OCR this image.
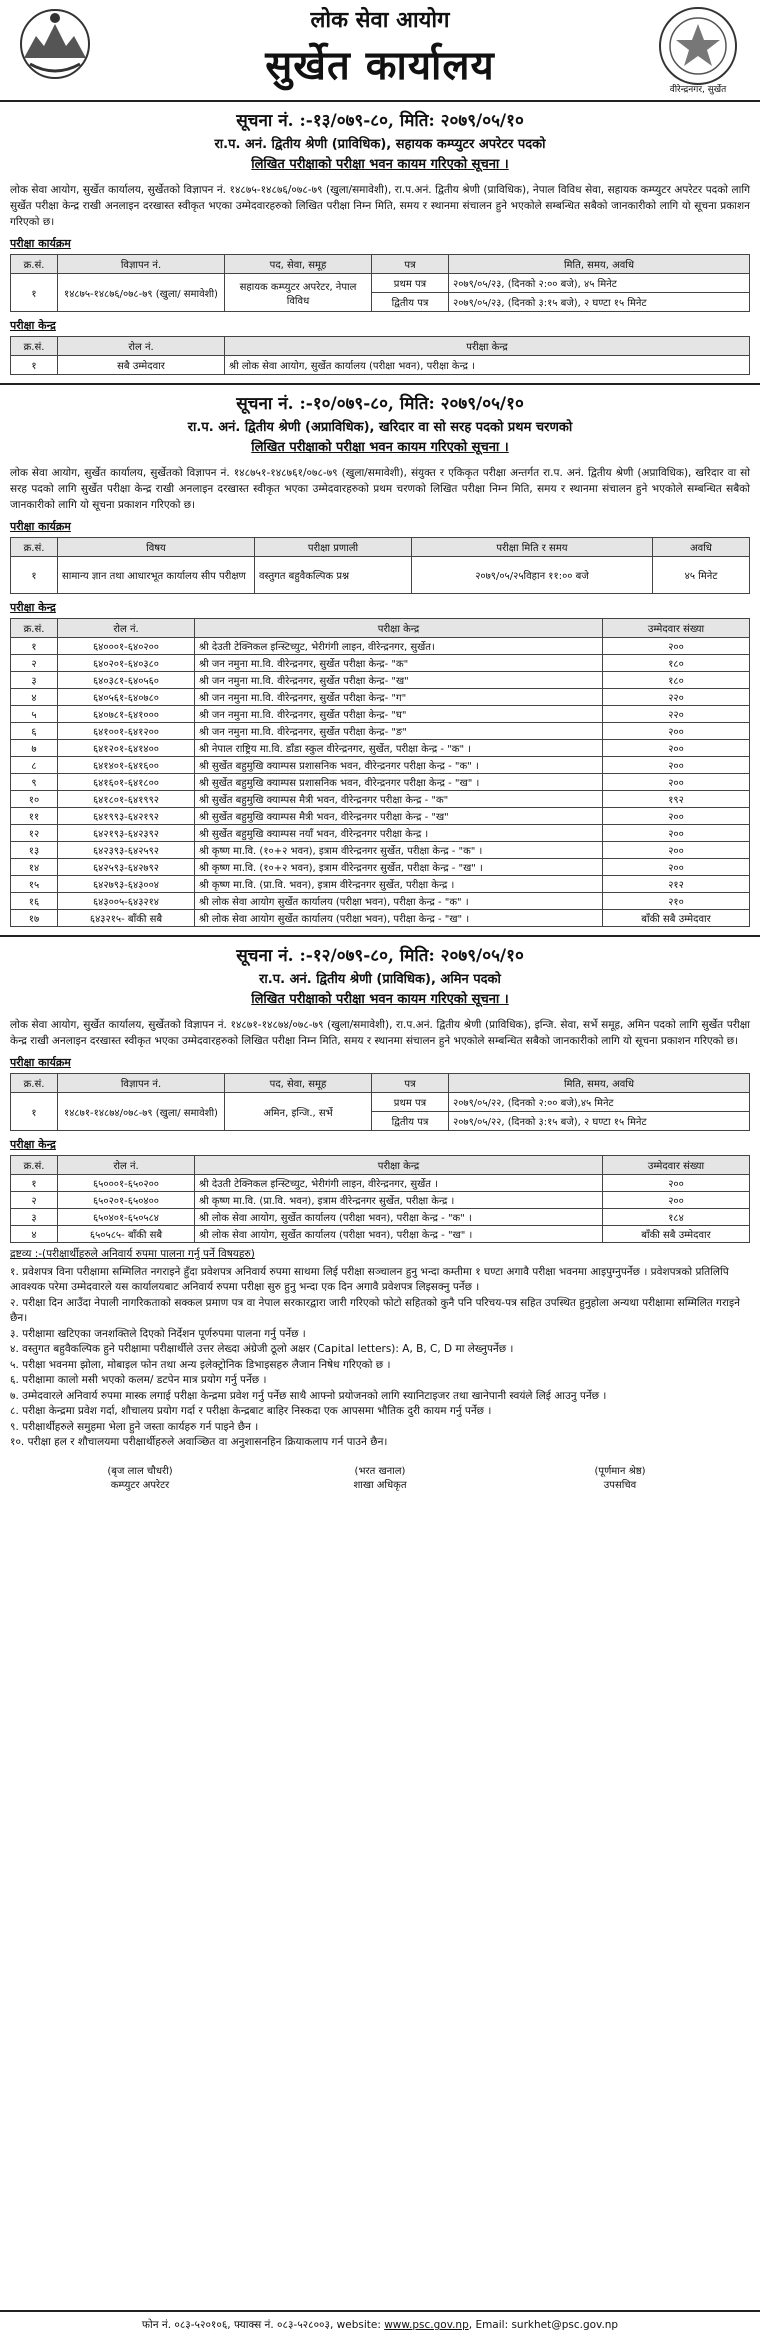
लोक सेवा आयोग
सुर्खेत कार्यालय
वीरेन्द्रनगर, सुर्खेत
सूचना नं. :-१३/०७९-८०, मिति: २०७९/०५/१०
रा.प. अनं. द्वितीय श्रेणी (प्राविधिक), सहायक कम्प्युटर अपरेटर पदको
लिखित परीक्षाको परीक्षा भवन कायम गरिएको सूचना ।
लोक सेवा आयोग, सुर्खेत कार्यालय, सुर्खेतको विज्ञापन नं. १४८७५-१४८७६/०७८-७९ (खुला/समावेशी), रा.प.अनं. द्वितीय श्रेणी (प्राविधिक), नेपाल विविध सेवा, सहायक कम्प्युटर अपरेटर पदको लागि सुर्खेत परीक्षा केन्द्र राखी अनलाइन दरखास्त स्वीकृत भएका उम्मेदवारहरुको लिखित परीक्षा निम्न मिति, समय र स्थानमा संचालन हुने भएकोले सम्बन्धित सबैको जानकारीको लागि यो सूचना प्रकाशन गरिएको छ।
परीक्षा कार्यक्रम
क्र.सं.	विज्ञापन नं.	पद, सेवा, समूह	पत्र	मिति, समय, अवधि
१	१४८७५-१४८७६/०७८-७९ (खुला/ समावेशी)	सहायक कम्प्युटर अपरेटर, नेपाल विविध	प्रथम पत्र	२०७९/०५/२३, (दिनको २:०० बजे), ४५ मिनेट
			द्वितीय पत्र	२०७९/०५/२३, (दिनको ३:१५ बजे), २ घण्टा १५ मिनेट
परीक्षा केन्द्र
क्र.सं.	रोल नं.	परीक्षा केन्द्र
१	सबै उम्मेदवार	श्री लोक सेवा आयोग, सुर्खेत कार्यालय (परीक्षा भवन), परीक्षा केन्द्र ।
सूचना नं. :-१०/०७९-८०, मिति: २०७९/०५/१०
रा.प. अनं. द्वितीय श्रेणी (अप्राविधिक), खरिदार वा सो सरह पदको प्रथम चरणको
लिखित परीक्षाको परीक्षा भवन कायम गरिएको सूचना ।
लोक सेवा आयोग, सुर्खेत कार्यालय, सुर्खेतको विज्ञापन नं. १४८७५१-१४८७६१/०७८-७९ (खुला/समावेशी), संयुक्त र एकिकृत परीक्षा अन्तर्गत रा.प. अनं. द्वितीय श्रेणी (अप्राविधिक), खरिदार वा सो सरह पदको लागि सुर्खेत परीक्षा केन्द्र राखी अनलाइन दरखास्त स्वीकृत भएका उम्मेदवारहरुको प्रथम चरणको लिखित परीक्षा निम्न मिति, समय र स्थानमा संचालन हुने भएकोले सम्बन्धित सबैको जानकारीको लागि यो सूचना प्रकाशन गरिएको छ।
परीक्षा कार्यक्रम
क्र.सं.	विषय	परीक्षा प्रणाली	परीक्षा मिति र समय	अवधि
१	सामान्य ज्ञान तथा आधारभूत कार्यालय सीप परीक्षण	वस्तुगत बहुवैकल्पिक प्रश्न	२०७९/०५/२५विहान ११:०० बजे	४५ मिनेट
परीक्षा केन्द्र
क्र.सं.	रोल नं.	परीक्षा केन्द्र	उम्मेदवार संख्या
१	६४०००१-६४०२००	श्री देउती टेक्निकल इन्स्टिच्युट, भेरीगंगी लाइन, वीरेन्द्रनगर, सुर्खेत।	२००
२	६४०२०१-६४०३८०	श्री जन नमुना मा.वि. वीरेन्द्रनगर, सुर्खेत परीक्षा केन्द्र- "क"	१८०
३	६४०३८१-६४०५६०	श्री जन नमुना मा.वि. वीरेन्द्रनगर, सुर्खेत परीक्षा केन्द्र- "ख"	१८०
४	६४०५६१-६४०७८०	श्री जन नमुना मा.वि. वीरेन्द्रनगर, सुर्खेत परीक्षा केन्द्र- "ग"	२२०
५	६४०७८१-६४१०००	श्री जन नमुना मा.वि. वीरेन्द्रनगर, सुर्खेत परीक्षा केन्द्र- "घ"	२२०
६	६४१००१-६४१२००	श्री जन नमुना मा.वि. वीरेन्द्रनगर, सुर्खेत परीक्षा केन्द्र- "ङ"	२००
७	६४१२०१-६४१४००	श्री नेपाल राष्ट्रिय मा.वि. डाँडा स्कुल वीरेन्द्रनगर, सुर्खेत, परीक्षा केन्द्र - "क" ।	२००
८	६४१४०१-६४१६००	श्री सुर्खेत बहुमुखि क्याम्पस प्रशासनिक भवन, वीरेन्द्रनगर परीक्षा केन्द्र - "क" ।	२००
९	६४१६०१-६४१८००	श्री सुर्खेत बहुमुखि क्याम्पस प्रशासनिक भवन, वीरेन्द्रनगर परीक्षा केन्द्र - "ख" ।	२००
१०	६४१८०१-६४१९९२	श्री सुर्खेत बहुमुखि क्याम्पस मैत्री भवन, वीरेन्द्रनगर परीक्षा केन्द्र - "क"	१९२
११	६४१९९३-६४२१९२	श्री सुर्खेत बहुमुखि क्याम्पस मैत्री भवन, वीरेन्द्रनगर परीक्षा केन्द्र - "ख"	२००
१२	६४२१९३-६४२३९२	श्री सुर्खेत बहुमुखि क्याम्पस नयाँ भवन, वीरेन्द्रनगर परीक्षा केन्द्र ।	२००
१३	६४२३९३-६४२५९२	श्री कृष्ण मा.वि. (१०+२ भवन), इत्राम वीरेन्द्रनगर सुर्खेत, परीक्षा केन्द्र - "क" ।	२००
१४	६४२५९३-६४२७९२	श्री कृष्ण मा.वि. (१०+२ भवन), इत्राम वीरेन्द्रनगर सुर्खेत, परीक्षा केन्द्र - "ख" ।	२००
१५	६४२७९३-६४३००४	श्री कृष्ण मा.वि. (प्रा.वि. भवन), इत्राम वीरेन्द्रनगर सुर्खेत, परीक्षा केन्द्र ।	२१२
१६	६४३००५-६४३२१४	श्री लोक सेवा आयोग सुर्खेत कार्यालय (परीक्षा भवन), परीक्षा केन्द्र - "क" ।	२१०
१७	६४३२१५- बाँकी सबै	श्री लोक सेवा आयोग सुर्खेत कार्यालय (परीक्षा भवन), परीक्षा केन्द्र - "ख" ।	बाँकी सबै उम्मेदवार
सूचना नं. :-१२/०७९-८०, मिति: २०७९/०५/१०
रा.प. अनं. द्वितीय श्रेणी (प्राविधिक), अमिन पदको
लिखित परीक्षाको परीक्षा भवन कायम गरिएको सूचना ।
लोक सेवा आयोग, सुर्खेत कार्यालय, सुर्खेतको विज्ञापन नं. १४८७१-१४८७४/०७८-७९ (खुला/समावेशी), रा.प.अनं. द्वितीय श्रेणी (प्राविधिक), इन्जि. सेवा, सर्भे समूह, अमिन पदको लागि सुर्खेत परीक्षा केन्द्र राखी अनलाइन दरखास्त स्वीकृत भएका उम्मेदवारहरुको लिखित परीक्षा निम्न मिति, समय र स्थानमा संचालन हुने भएकोले सम्बन्धित सबैको जानकारीको लागि यो सूचना प्रकाशन गरिएको छ।
परीक्षा कार्यक्रम
क्र.सं.	विज्ञापन नं.	पद, सेवा, समूह	पत्र	मिति, समय, अवधि
१	१४८७१-१४८७४/०७८-७९ (खुला/ समावेशी)	अमिन, इन्जि., सर्भे	प्रथम पत्र	२०७९/०५/२२, (दिनको २:०० बजे),४५ मिनेट
			द्वितीय पत्र	२०७९/०५/२२, (दिनको ३:१५ बजे), २ घण्टा १५ मिनेट
परीक्षा केन्द्र
क्र.सं.	रोल नं.	परीक्षा केन्द्र	उम्मेदवार संख्या
१	६५०००१-६५०२००	श्री देउती टेक्निकल इन्स्टिच्युट, भेरीगंगी लाइन, वीरेन्द्रनगर, सुर्खेत ।	२००
२	६५०२०१-६५०४००	श्री कृष्ण मा.वि. (प्रा.वि. भवन), इत्राम वीरेन्द्रनगर सुर्खेत, परीक्षा केन्द्र ।	२००
३	६५०४०१-६५०५८४	श्री लोक सेवा आयोग, सुर्खेत कार्यालय (परीक्षा भवन), परीक्षा केन्द्र - "क" ।	१८४
४	६५०५८५- बाँकी सबै	श्री लोक सेवा आयोग, सुर्खेत कार्यालय (परीक्षा भवन), परीक्षा केन्द्र - "ख" ।	बाँकी सबै उम्मेदवार
द्रष्टव्य :-(परीक्षार्थीहरुले अनिवार्य रुपमा पालना गर्नु पर्ने विषयहरु)

१. प्रवेशपत्र विना परीक्षामा सम्मिलित नगराइने हुँदा प्रवेशपत्र अनिवार्य रुपमा साथमा लिई परीक्षा सञ्चालन हुनु भन्दा कम्तीमा १ घण्टा अगावै परीक्षा भवनमा आइपुग्नुपर्नेछ । प्रवेशपत्रको प्रतिलिपि आवश्यक परेमा उम्मेदवारले यस कार्यालयबाट अनिवार्य रुपमा परीक्षा सुरु हुनु भन्दा एक दिन अगावै प्रवेशपत्र लिइसक्नु पर्नेछ ।

२. परीक्षा दिन आउँदा नेपाली नागरिकताको सक्कल प्रमाण पत्र वा नेपाल सरकारद्वारा जारी गरिएको फोटो सहितको कुनै पनि परिचय-पत्र सहित उपस्थित हुनुहोला अन्यथा परीक्षामा सम्मिलित गराइने छैन।

३. परीक्षामा खटिएका जनशक्तिले दिएको निर्देशन पूर्णरुपमा पालना गर्नु पर्नेछ ।

४. वस्तुगत बहुवैकल्पिक हुने परीक्षामा परीक्षार्थीले उत्तर लेख्दा अंग्रेजी ठूलो अक्षर (Capital letters): A, B, C, D मा लेख्नुपर्नेछ ।

५. परीक्षा भवनमा झोला, मोबाइल फोन तथा अन्य इलेक्ट्रोनिक डिभाइसहरु लैजान निषेध गरिएको छ ।

६. परीक्षामा कालो मसी भएको कलम/ डटपेन मात्र प्रयोग गर्नु पर्नेछ ।

७. उम्मेदवारले अनिवार्य रुपमा मास्क लगाई परीक्षा केन्द्रमा प्रवेश गर्नु पर्नेछ साथै आफ्नो प्रयोजनको लागि स्यानिटाइजर तथा खानेपानी स्वयंले लिई आउनु पर्नेछ ।

८. परीक्षा केन्द्रमा प्रवेश गर्दा, शौचालय प्रयोग गर्दा र परीक्षा केन्द्रबाट बाहिर निस्कदा एक आपसमा भौतिक दुरी कायम गर्नु पर्नेछ ।

९. परीक्षार्थीहरुले समुहमा भेला हुने जस्ता कार्यहरु गर्न पाइने छैन ।

१०. परीक्षा हल र शौचालयमा परीक्षार्थीहरुले अवाञ्छित वा अनुशासनहिन क्रियाकलाप गर्न पाउने छैन।

(बृज लाल चौधरी)
कम्प्युटर अपरेटर
(भरत खनाल)
शाखा अधिकृत
(पूर्णमान श्रेष्ठ)
उपसचिव
फोन नं. ०८३-५२०१०६, फ्याक्स नं. ०८३-५२८००३, website: www.psc.gov.np, Email: surkhet@psc.gov.np
